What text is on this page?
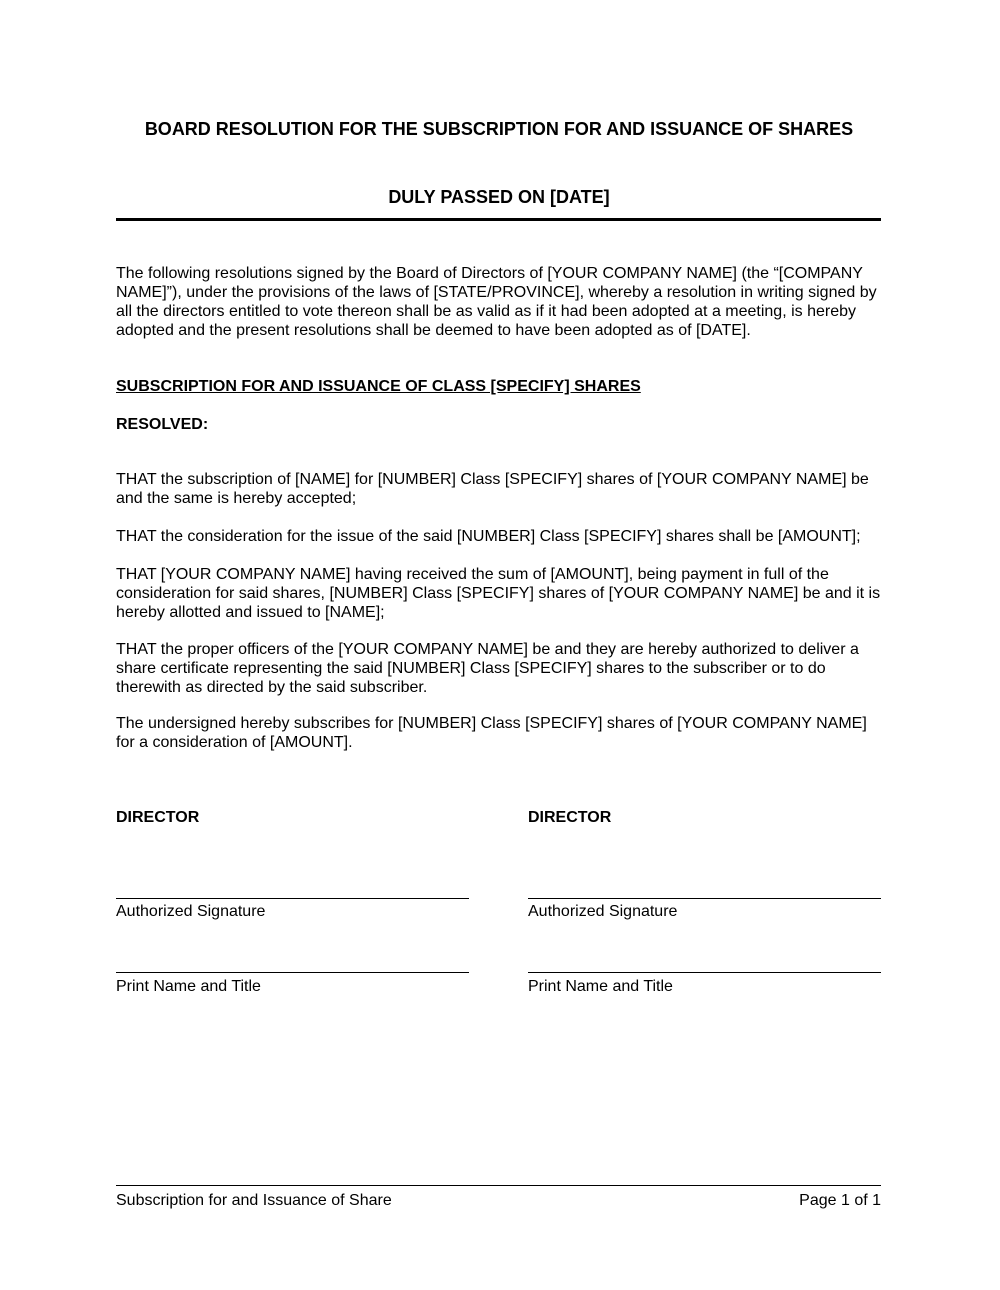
BOARD RESOLUTION FOR THE SUBSCRIPTION FOR AND ISSUANCE OF SHARES
DULY PASSED ON [DATE]

The following resolutions signed by the Board of Directors of [YOUR COMPANY NAME] (the “[COMPANY NAME]”), under the provisions of the laws of [STATE/PROVINCE], whereby a resolution in writing signed by all the directors entitled to vote thereon shall be as valid as if it had been adopted at a meeting, is hereby adopted and the present resolutions shall be deemed to have been adopted as of [DATE].

SUBSCRIPTION FOR AND ISSUANCE OF CLASS [SPECIFY] SHARES

RESOLVED:

THAT the subscription of [NAME] for [NUMBER] Class [SPECIFY] shares of [YOUR COMPANY NAME] be and the same is hereby accepted;

THAT the consideration for the issue of the said [NUMBER] Class [SPECIFY] shares shall be [AMOUNT];

THAT [YOUR COMPANY NAME] having received the sum of [AMOUNT], being payment in full of the consideration for said shares, [NUMBER] Class [SPECIFY] shares of [YOUR COMPANY NAME] be and it is hereby allotted and issued to [NAME];

THAT the proper officers of the [YOUR COMPANY NAME] be and they are hereby authorized to deliver a share certificate representing the said [NUMBER] Class [SPECIFY] shares to the subscriber or to do therewith as directed by the said subscriber.

The undersigned hereby subscribes for [NUMBER] Class [SPECIFY] shares of [YOUR COMPANY NAME] for a consideration of [AMOUNT].

DIRECTOR

Authorized Signature

Print Name and Title

DIRECTOR

Authorized Signature

Print Name and Title

Subscription for and Issuance of Share	Page 1 of 1
